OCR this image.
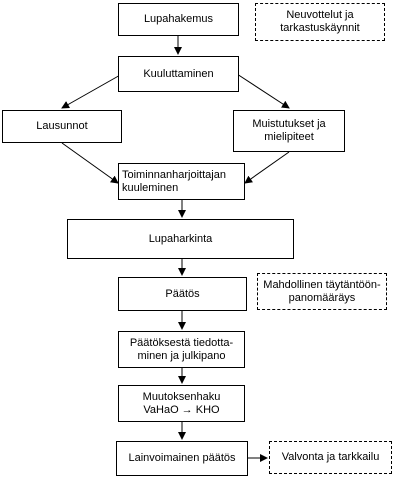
Lupahakemus	Neuvottelut ja
tarkastuskäynnit
Kuuluttaminen
Lausunnot	Muistutukset ja
mielipiteet
Toiminnanharjoittajan
kuuleminen
Lupaharkinta
Päätös
Mahdollinen täytäntöön-
panomääräys
Päätöksestä tiedotta-
minen ja julkipano
Muutoksenhaku
VaHaO → KHO
Lainvoimainen päätös	Valvonta ja tarkkailu
